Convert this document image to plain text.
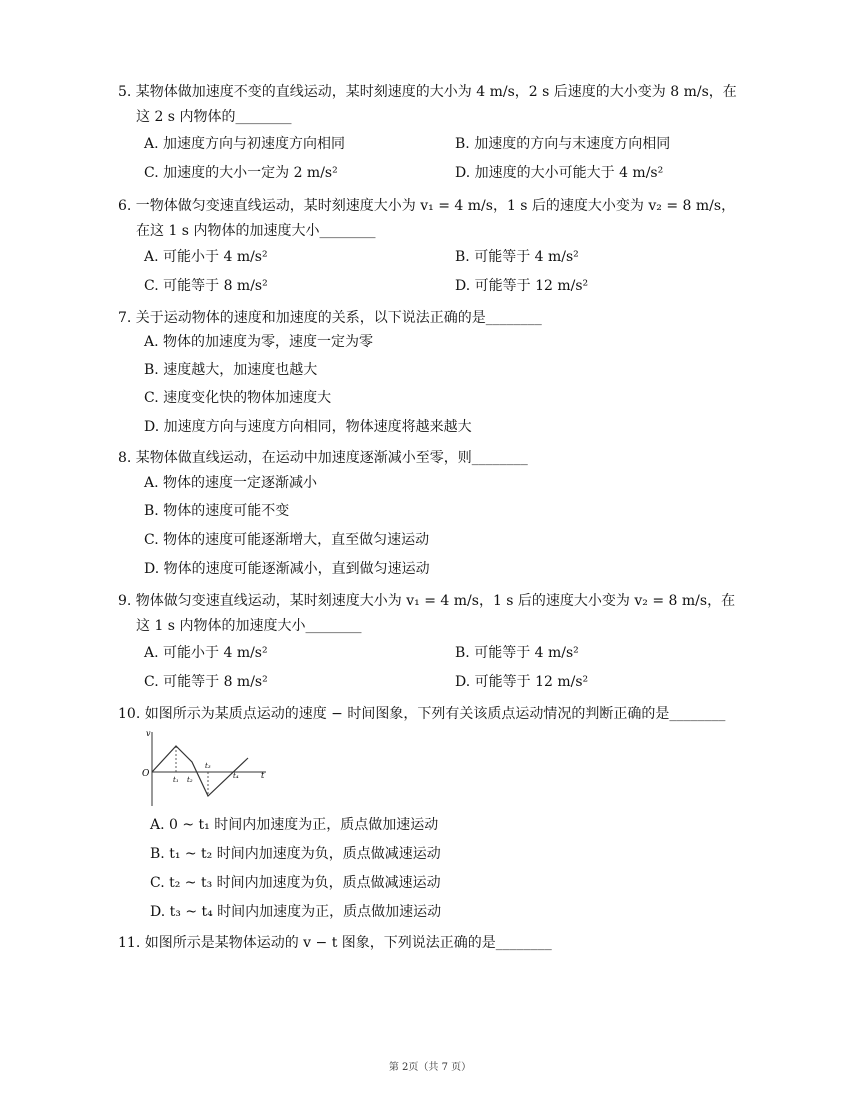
5. 某物体做加速度不变的直线运动，某时刻速度的大小为 4 m/s，2 s 后速度的大小变为 8 m/s，在
这 2 s 内物体的________
A. 加速度方向与初速度方向相同	B. 加速度的方向与末速度方向相同
C. 加速度的大小一定为 2 m/s²	D. 加速度的大小可能大于 4 m/s²
6. 一物体做匀变速直线运动，某时刻速度大小为 v₁ = 4 m/s，1 s 后的速度大小变为 v₂ = 8 m/s，
在这 1 s 内物体的加速度大小________
A. 可能小于 4 m/s²	B. 可能等于 4 m/s²
C. 可能等于 8 m/s²	D. 可能等于 12 m/s²
7. 关于运动物体的速度和加速度的关系，以下说法正确的是________
A. 物体的加速度为零，速度一定为零
B. 速度越大，加速度也越大
C. 速度变化快的物体加速度大
D. 加速度方向与速度方向相同，物体速度将越来越大
8. 某物体做直线运动，在运动中加速度逐渐减小至零，则________
A. 物体的速度一定逐渐减小
B. 物体的速度可能不变
C. 物体的速度可能逐渐增大，直至做匀速运动
D. 物体的速度可能逐渐减小，直到做匀速运动
9. 物体做匀变速直线运动，某时刻速度大小为 v₁ = 4 m/s，1 s 后的速度大小变为 v₂ = 8 m/s，在
这 1 s 内物体的加速度大小________
A. 可能小于 4 m/s²	B. 可能等于 4 m/s²
C. 可能等于 8 m/s²	D. 可能等于 12 m/s²
10. 如图所示为某质点运动的速度 − 时间图象，下列有关该质点运动情况的判断正确的是________
v
O	t
t₁ t₂
t₃
t₄
A. 0 ~ t₁ 时间内加速度为正，质点做加速运动
B. t₁ ~ t₂ 时间内加速度为负，质点做减速运动
C. t₂ ~ t₃ 时间内加速度为负，质点做减速运动
D. t₃ ~ t₄ 时间内加速度为正，质点做加速运动
11. 如图所示是某物体运动的 v − t 图象，下列说法正确的是________
第 2页（共 7 页）
